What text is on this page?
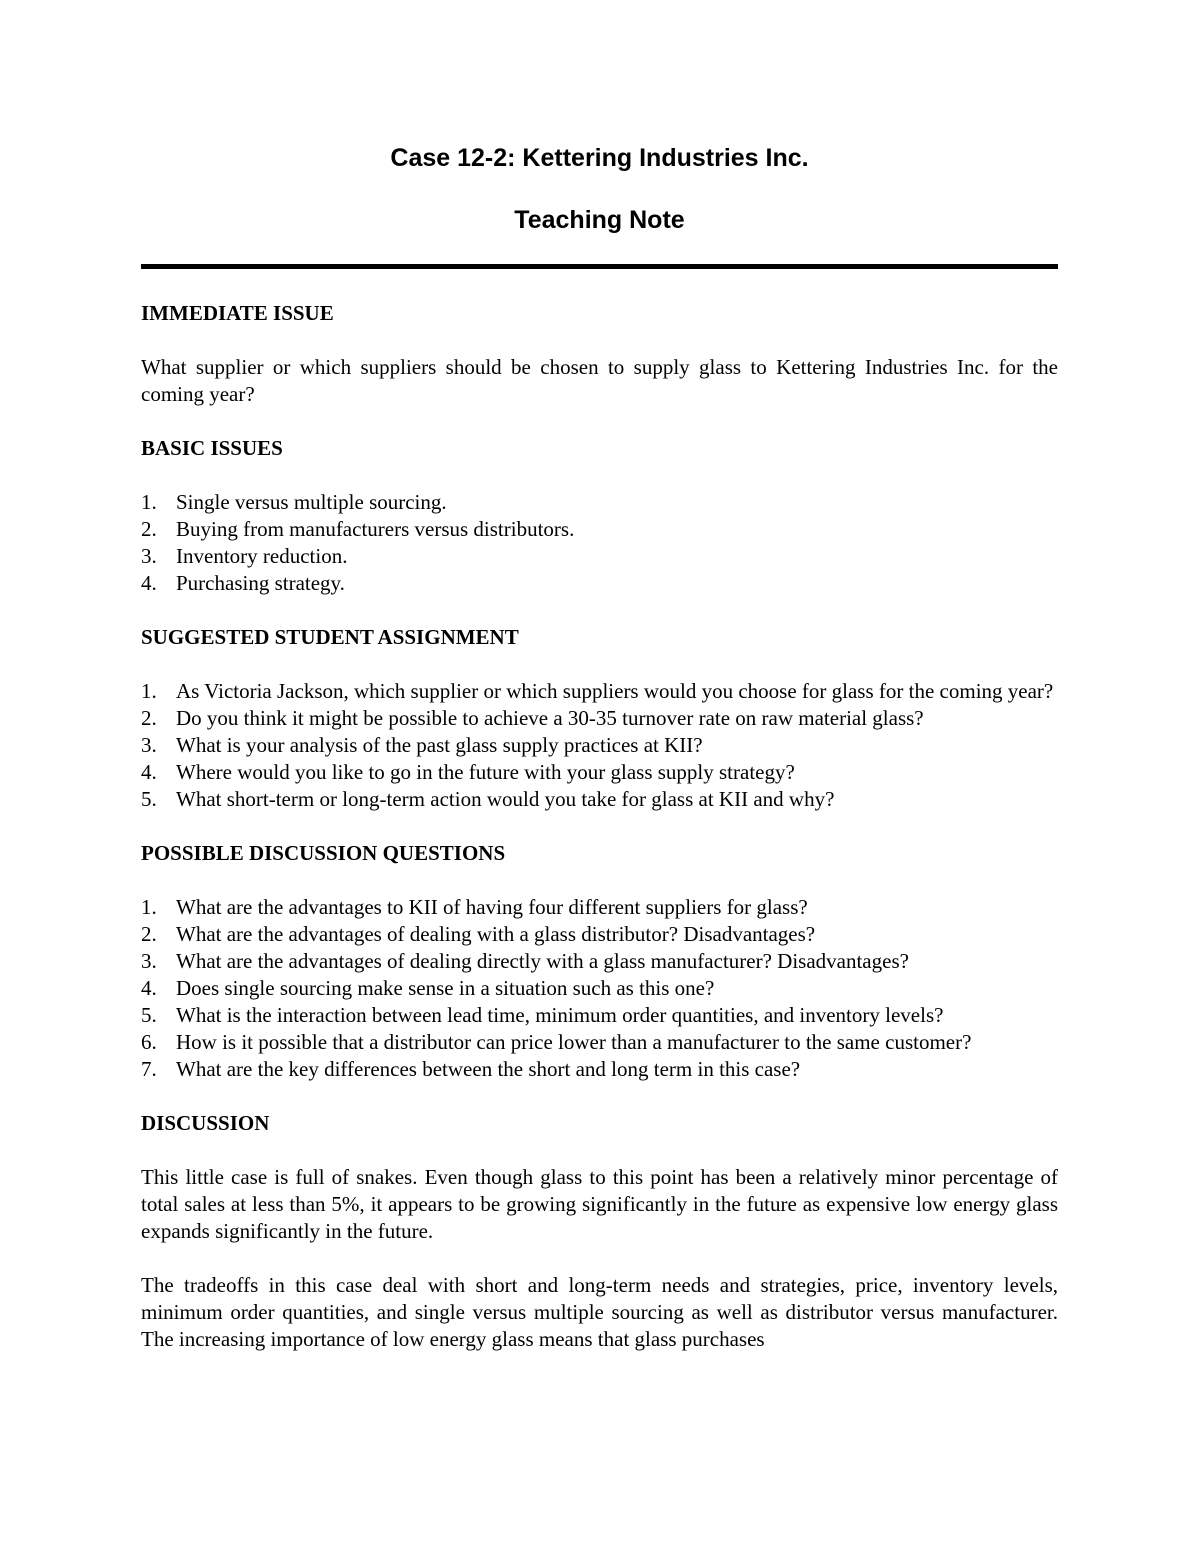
Case 12-2: Kettering Industries Inc.
Teaching Note
IMMEDIATE ISSUE

What supplier or which suppliers should be chosen to supply glass to Kettering Industries Inc. for the coming year?

BASIC ISSUES
1. Single versus multiple sourcing.
2. Buying from manufacturers versus distributors.
3. Inventory reduction.
4. Purchasing strategy.
SUGGESTED STUDENT ASSIGNMENT
1. As Victoria Jackson, which supplier or which suppliers would you choose for glass for the coming year?
2. Do you think it might be possible to achieve a 30-35 turnover rate on raw material glass?
3. What is your analysis of the past glass supply practices at KII?
4. Where would you like to go in the future with your glass supply strategy?
5. What short-term or long-term action would you take for glass at KII and why?
POSSIBLE DISCUSSION QUESTIONS
1. What are the advantages to KII of having four different suppliers for glass?
2. What are the advantages of dealing with a glass distributor? Disadvantages?
3. What are the advantages of dealing directly with a glass manufacturer? Disadvantages?
4. Does single sourcing make sense in a situation such as this one?
5. What is the interaction between lead time, minimum order quantities, and inventory levels?
6. How is it possible that a distributor can price lower than a manufacturer to the same customer?
7. What are the key differences between the short and long term in this case?
DISCUSSION

This little case is full of snakes. Even though glass to this point has been a relatively minor percentage of total sales at less than 5%, it appears to be growing significantly in the future as expensive low energy glass expands significantly in the future.

The tradeoffs in this case deal with short and long-term needs and strategies, price, inventory levels, minimum order quantities, and single versus multiple sourcing as well as distributor versus manufacturer. The increasing importance of low energy glass means that glass purchases
